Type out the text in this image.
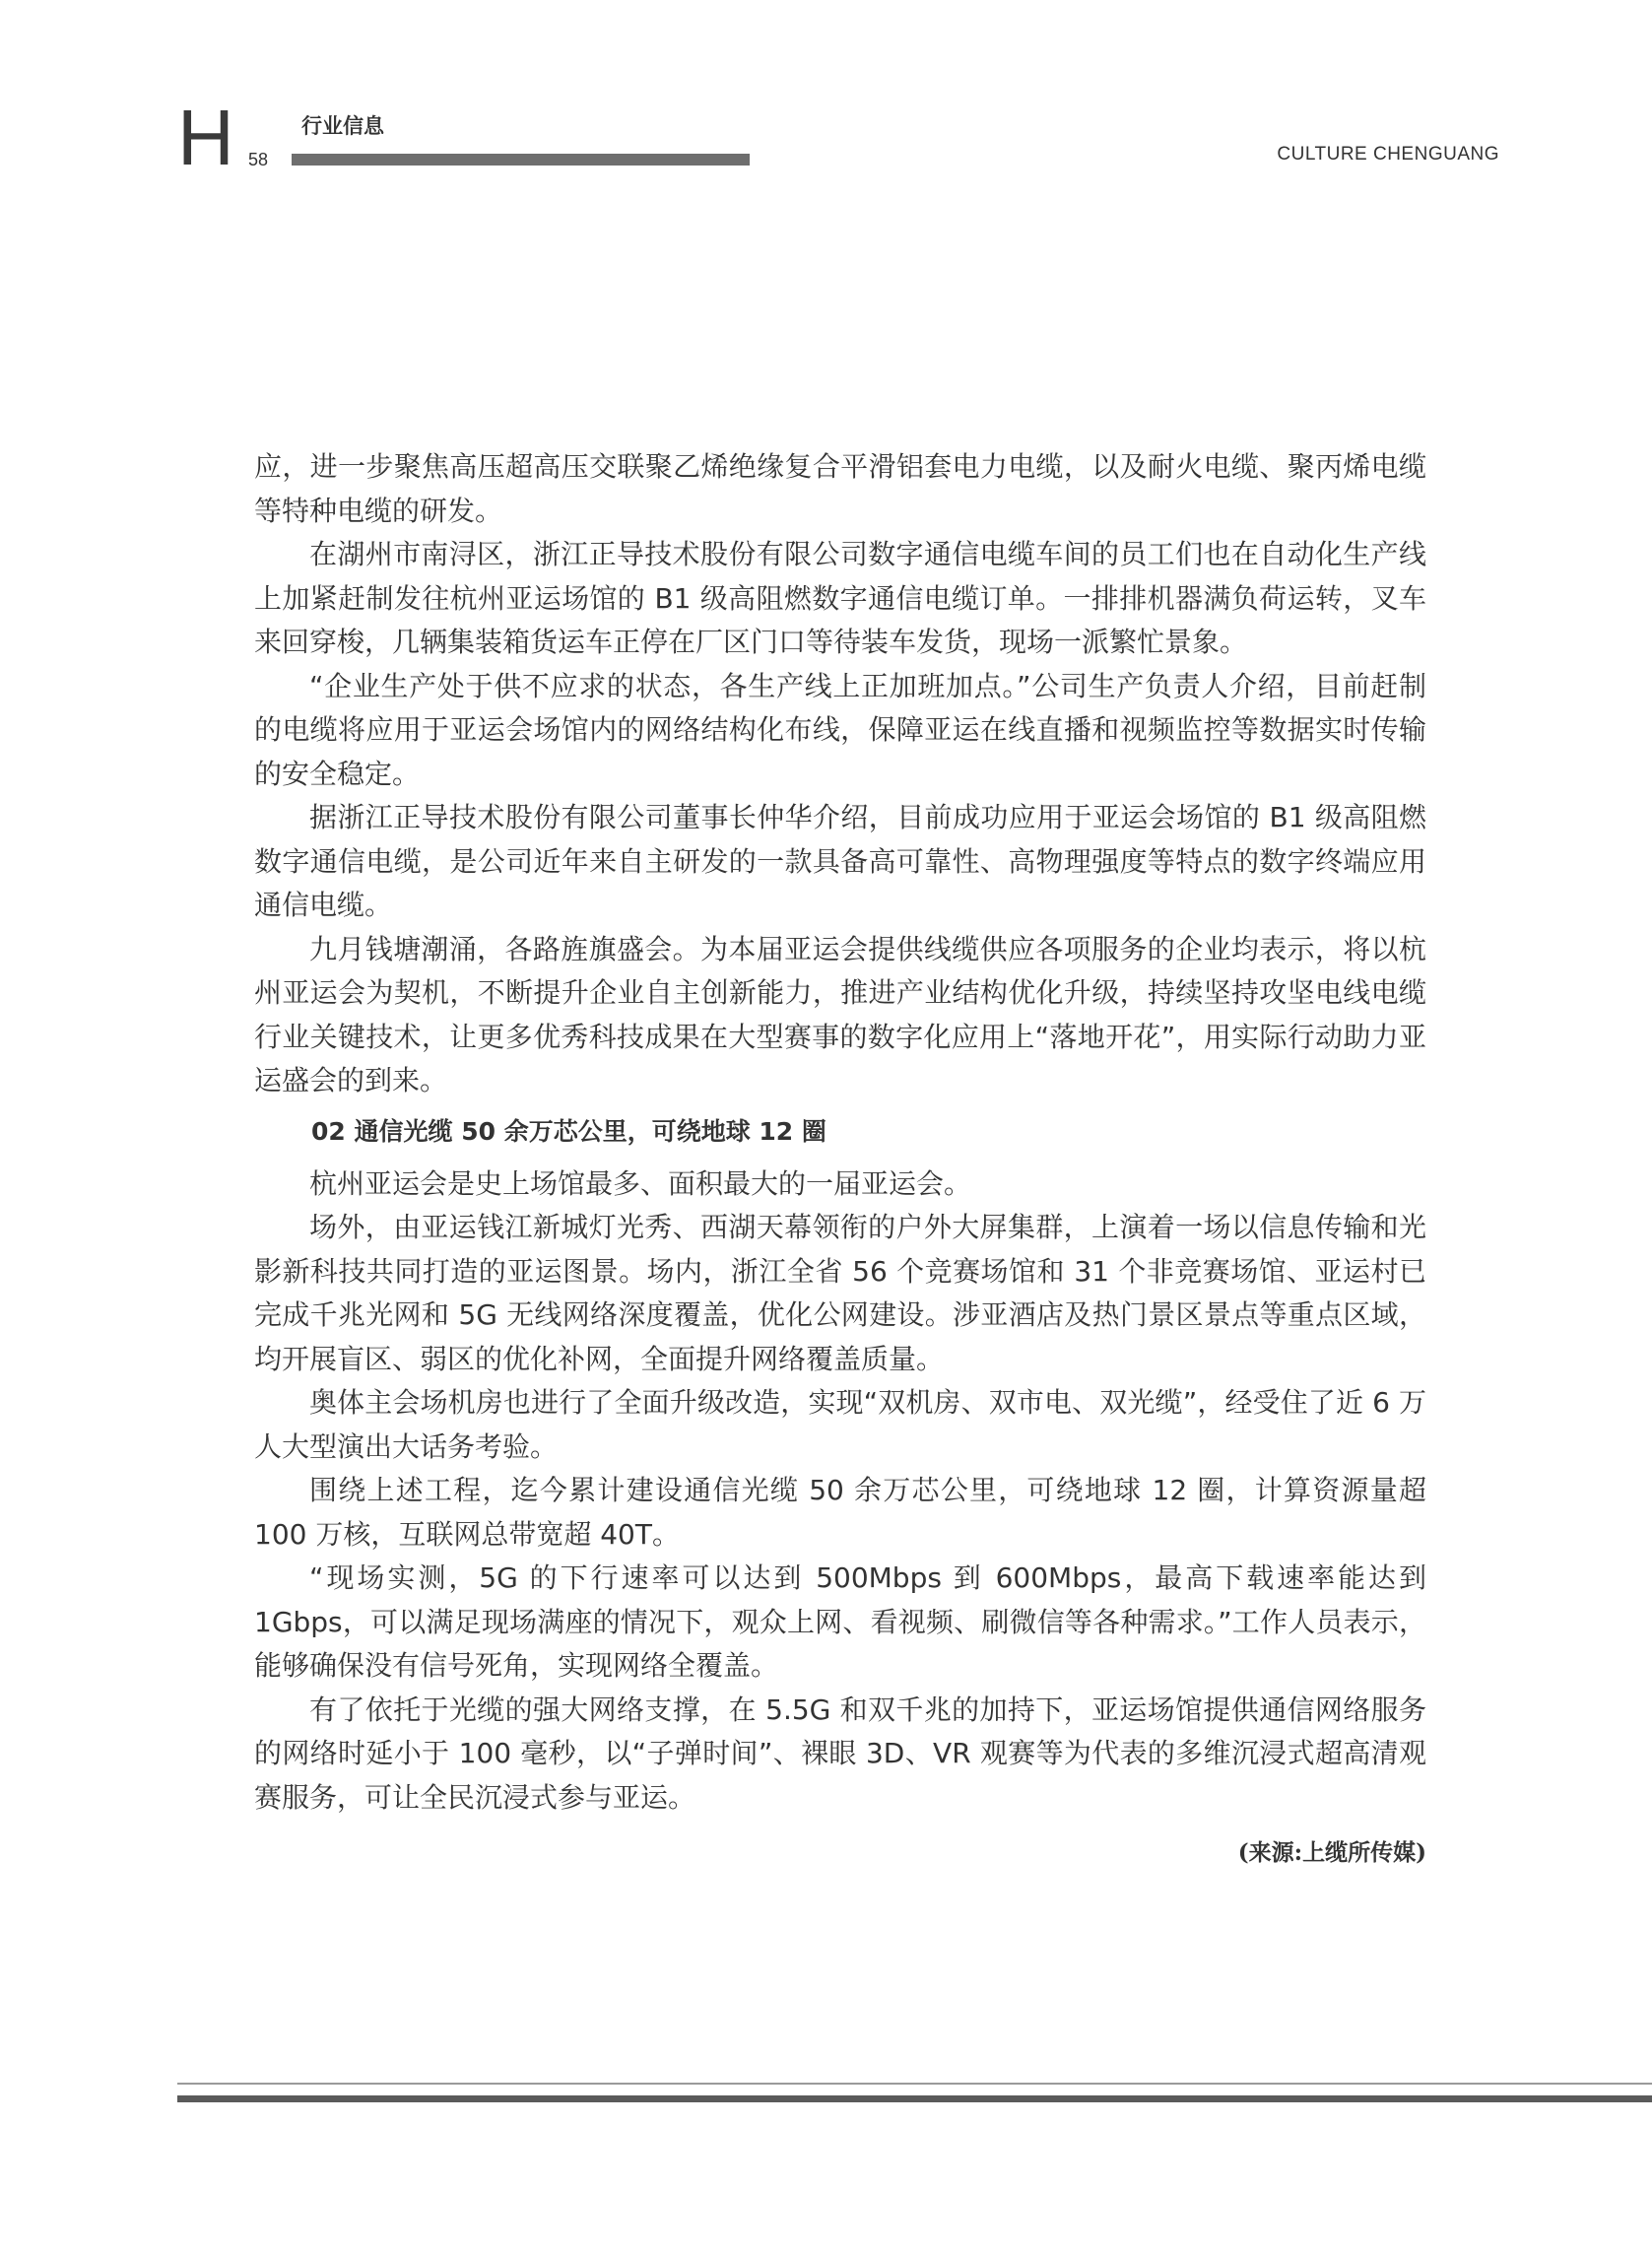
H	行业信息
58	CULTURE CHENGUANG

应，进一步聚焦高压超高压交联聚乙烯绝缘复合平滑铝套电力电缆，以及耐火电缆、聚丙烯电缆等特种电缆的研发。

在湖州市南浔区，浙江正导技术股份有限公司数字通信电缆车间的员工们也在自动化生产线上加紧赶制发往杭州亚运场馆的 B1 级高阻燃数字通信电缆订单。一排排机器满负荷运转，叉车来回穿梭，几辆集装箱货运车正停在厂区门口等待装车发货，现场一派繁忙景象。

“企业生产处于供不应求的状态，各生产线上正加班加点。”公司生产负责人介绍，目前赶制的电缆将应用于亚运会场馆内的网络结构化布线，保障亚运在线直播和视频监控等数据实时传输的安全稳定。

据浙江正导技术股份有限公司董事长仲华介绍，目前成功应用于亚运会场馆的 B1 级高阻燃数字通信电缆，是公司近年来自主研发的一款具备高可靠性、高物理强度等特点的数字终端应用通信电缆。

九月钱塘潮涌，各路旌旗盛会。为本届亚运会提供线缆供应各项服务的企业均表示，将以杭州亚运会为契机，不断提升企业自主创新能力，推进产业结构优化升级，持续坚持攻坚电线电缆行业关键技术，让更多优秀科技成果在大型赛事的数字化应用上“落地开花”，用实际行动助力亚运盛会的到来。

02 通信光缆 50 余万芯公里，可绕地球 12 圈

杭州亚运会是史上场馆最多、面积最大的一届亚运会。

场外，由亚运钱江新城灯光秀、西湖天幕领衔的户外大屏集群，上演着一场以信息传输和光影新科技共同打造的亚运图景。场内，浙江全省 56 个竞赛场馆和 31 个非竞赛场馆、亚运村已完成千兆光网和 5G 无线网络深度覆盖，优化公网建设。涉亚酒店及热门景区景点等重点区域，均开展盲区、弱区的优化补网，全面提升网络覆盖质量。

奥体主会场机房也进行了全面升级改造，实现“双机房、双市电、双光缆”，经受住了近 6 万人大型演出大话务考验。

围绕上述工程，迄今累计建设通信光缆 50 余万芯公里，可绕地球 12 圈，计算资源量超 100 万核，互联网总带宽超 40T。

“现场实测，5G 的下行速率可以达到 500Mbps 到 600Mbps，最高下载速率能达到 1Gbps，可以满足现场满座的情况下，观众上网、看视频、刷微信等各种需求。”工作人员表示，能够确保没有信号死角，实现网络全覆盖。

有了依托于光缆的强大网络支撑，在 5.5G 和双千兆的加持下，亚运场馆提供通信网络服务的网络时延小于 100 毫秒，以“子弹时间”、裸眼 3D、VR 观赛等为代表的多维沉浸式超高清观赛服务，可让全民沉浸式参与亚运。

(来源:上缆所传媒)
